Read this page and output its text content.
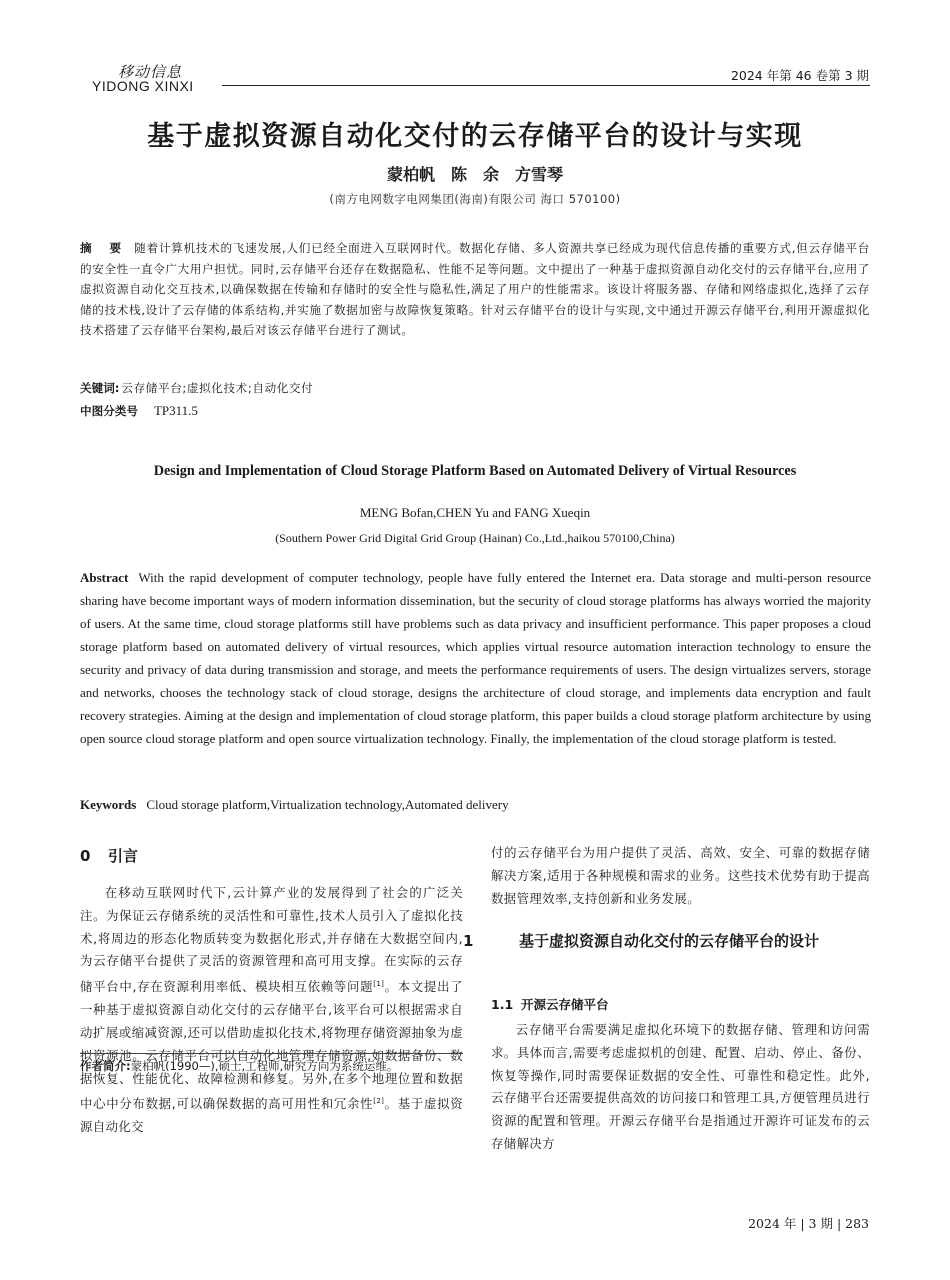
移动信息
YIDONG XINXI
2024 年第 46 卷第 3 期
基于虚拟资源自动化交付的云存储平台的设计与实现
蒙柏帆　陈　余　方雪琴
(南方电网数字电网集团(海南)有限公司 海口 570100)
摘　要 随着计算机技术的飞速发展,人们已经全面进入互联网时代。数据化存储、多人资源共享已经成为现代信息传播的重要方式,但云存储平台的安全性一直令广大用户担忧。同时,云存储平台还存在数据隐私、性能不足等问题。文中提出了一种基于虚拟资源自动化交付的云存储平台,应用了虚拟资源自动化交互技术,以确保数据在传输和存储时的安全性与隐私性,满足了用户的性能需求。该设计将服务器、存储和网络虚拟化,选择了云存储的技术栈,设计了云存储的体系结构,并实施了数据加密与故障恢复策略。针对云存储平台的设计与实现,文中通过开源云存储平台,利用开源虚拟化技术搭建了云存储平台架构,最后对该云存储平台进行了测试。
关键词: 云存储平台;虚拟化技术;自动化交付
中图分类号 TP311.5
Design and Implementation of Cloud Storage Platform Based on Automated Delivery of Virtual Resources
MENG Bofan,CHEN Yu and FANG Xueqin
(Southern Power Grid Digital Grid Group (Hainan) Co.,Ltd.,haikou 570100,China)
Abstract With the rapid development of computer technology, people have fully entered the Internet era. Data storage and multi-person resource sharing have become important ways of modern information dissemination, but the security of cloud storage platforms has always worried the majority of users. At the same time, cloud storage platforms still have problems such as data privacy and insufficient performance. This paper proposes a cloud storage platform based on automated delivery of virtual resources, which applies virtual resource automation interaction technology to ensure the security and privacy of data during transmission and storage, and meets the performance requirements of users. The design virtualizes servers, storage and networks, chooses the technology stack of cloud storage, designs the architecture of cloud storage, and implements data encryption and fault recovery strategies. Aiming at the design and implementation of cloud storage platform, this paper builds a cloud storage platform architecture by using open source cloud storage platform and open source virtualization technology. Finally, the implementation of the cloud storage platform is tested.
Keywords Cloud storage platform,Virtualization technology,Automated delivery
0 引言
在移动互联网时代下,云计算产业的发展得到了社会的广泛关注。为保证云存储系统的灵活性和可靠性,技术人员引入了虚拟化技术,将周边的形态化物质转变为数据化形式,并存储在大数据空间内,为云存储平台提供了灵活的资源管理和高可用支撑。在实际的云存储平台中,存在资源利用率低、模块相互依赖等问题[1]。本文提出了一种基于虚拟资源自动化交付的云存储平台,该平台可以根据需求自动扩展或缩减资源,还可以借助虚拟化技术,将物理存储资源抽象为虚拟资源池。云存储平台可以自动化地管理存储资源,如数据备份、数据恢复、性能优化、故障检测和修复。另外,在多个地理位置和数据中心中分布数据,可以确保数据的高可用性和冗余性[2]。基于虚拟资源自动化交
作者简介:蒙柏帆(1990—),硕士,工程师,研究方向为系统运维。
付的云存储平台为用户提供了灵活、高效、安全、可靠的数据存储解决方案,适用于各种规模和需求的业务。这些技术优势有助于提高数据管理效率,支持创新和业务发展。
1	基于虚拟资源自动化交付的云存储平台的设计
1.1 开源云存储平台
云存储平台需要满足虚拟化环境下的数据存储、管理和访问需求。具体而言,需要考虑虚拟机的创建、配置、启动、停止、备份、恢复等操作,同时需要保证数据的安全性、可靠性和稳定性。此外,云存储平台还需要提供高效的访问接口和管理工具,方便管理员进行资源的配置和管理。开源云存储平台是指通过开源许可证发布的云存储解决方
2024 年 | 3 期 | 283
